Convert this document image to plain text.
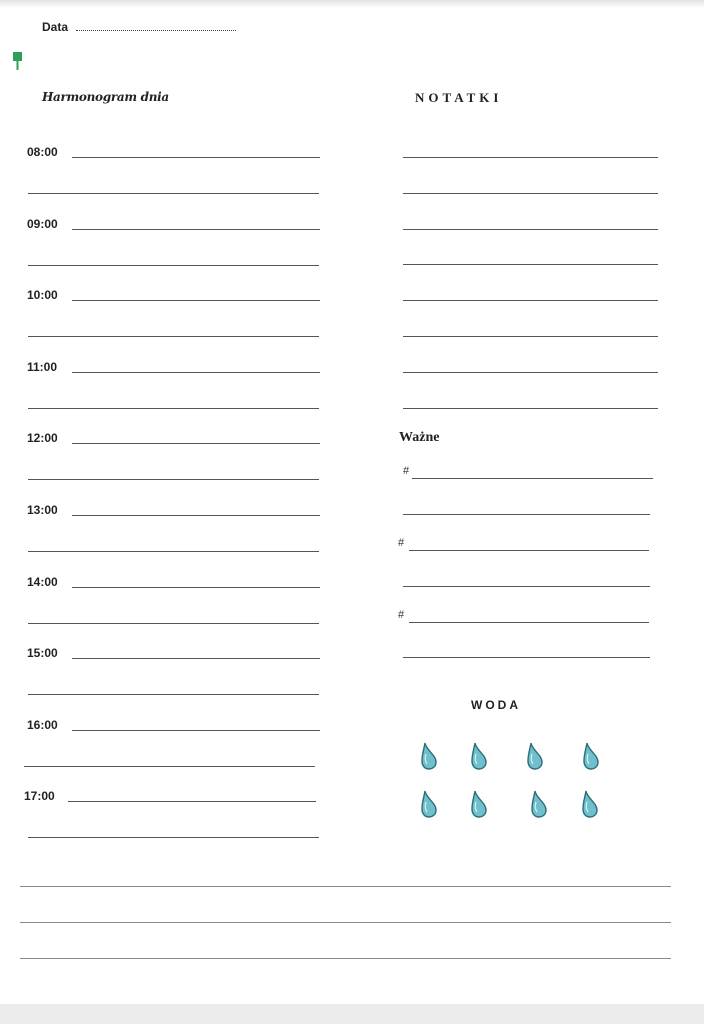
Data
Harmonogram dnia	NOTATKI
08:00
09:00
10:00
11:00
12:00
13:00
14:00
15:00
16:00
17:00
Ważne
#
#
#
WODA
